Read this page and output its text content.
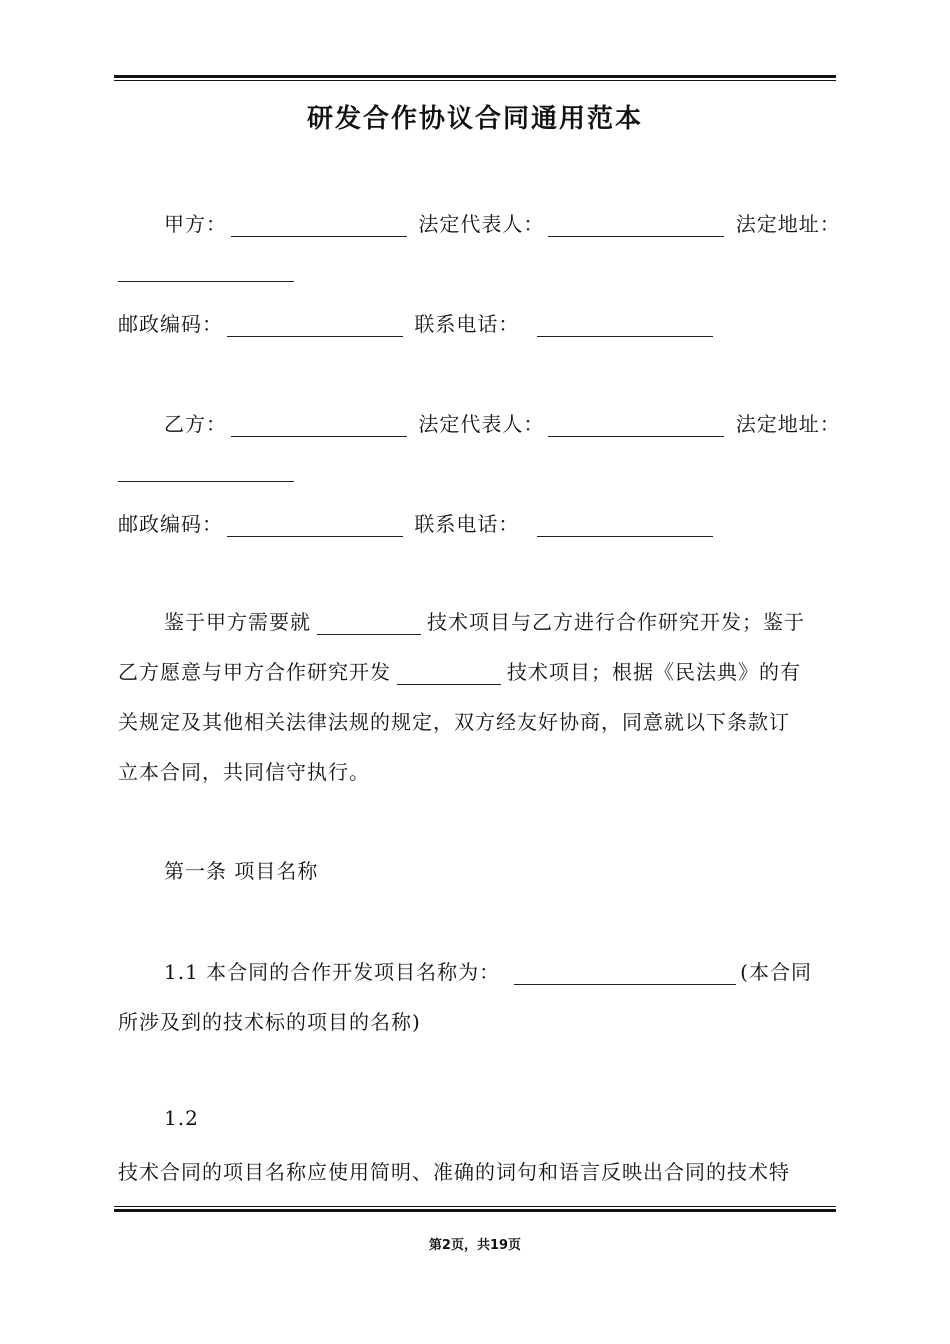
研发合作协议合同通用范本
甲方：	法定代表人：	法定地址：
邮政编码：	联系电话：
乙方：	法定代表人：	法定地址：
邮政编码：	联系电话：
鉴于甲方需要就	技术项目与乙方进行合作研究开发；鉴于
乙方愿意与甲方合作研究开发	技术项目；根据《民法典》的有
关规定及其他相关法律法规的规定，双方经友好协商，同意就以下条款订
立本合同，共同信守执行。
第一条 项目名称
1.1 本合同的合作开发项目名称为：	(本合同
所涉及到的技术标的项目的名称)
1.2
技术合同的项目名称应使用简明、准确的词句和语言反映出合同的技术特
第2页，共19页
